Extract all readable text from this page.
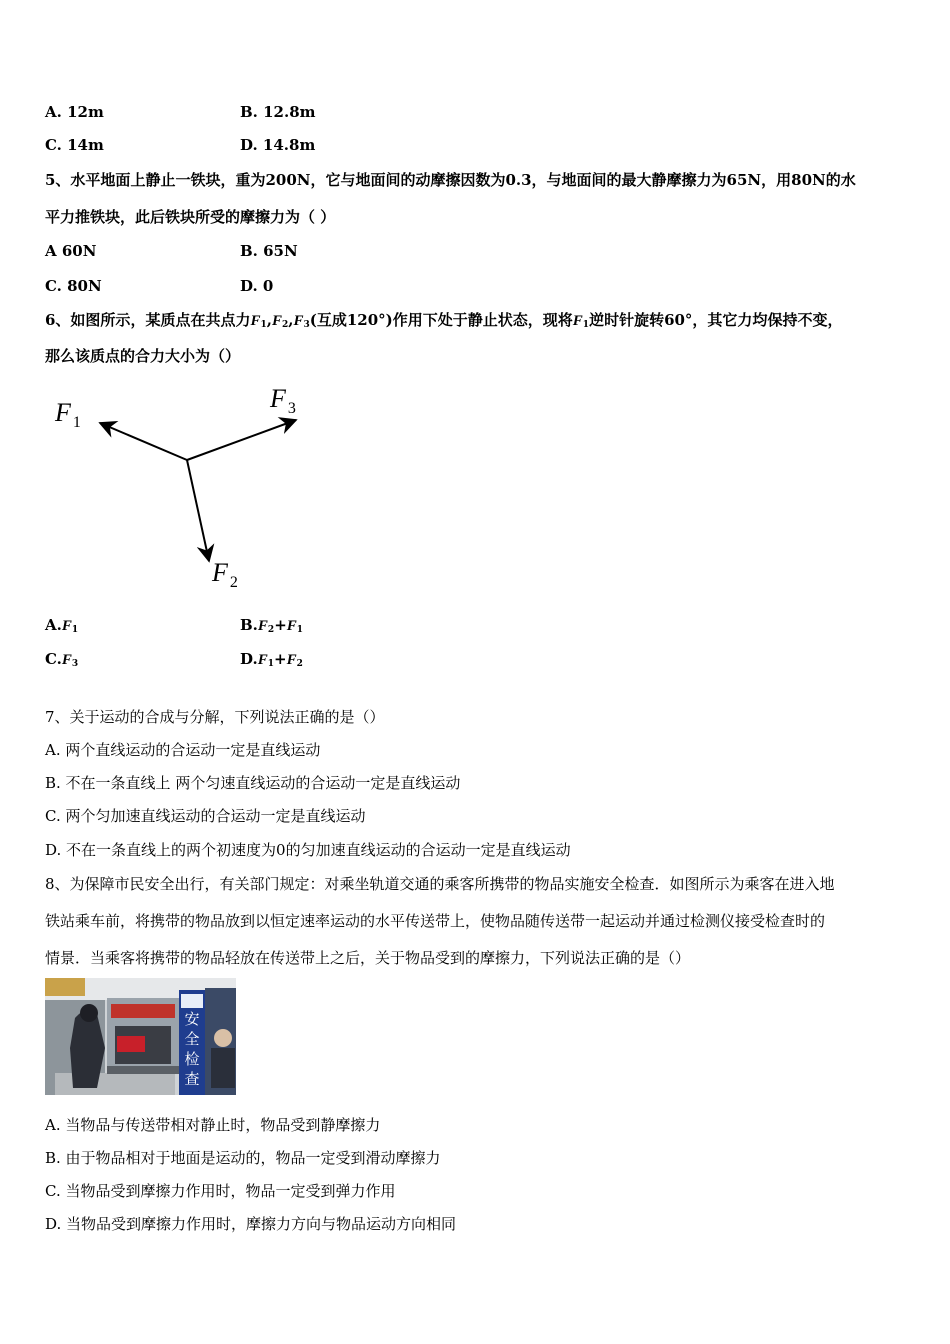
A. 12m	B. 12.8m
C. 14m	D. 14.8m
5、水平地面上静止一铁块，重为200N，它与地面间的动摩擦因数为0.3，与地面间的最大静摩擦力为65N，用80N的水
平力推铁块，此后铁块所受的摩擦力为（ ）
A 60N	B. 65N
C. 80N	D. 0
6、如图所示，某质点在共点力$F_1,F_2,F_3$(互成120°)作用下处于静止状态，现将$F_1$逆时针旋转60°，其它力均保持不变，
那么该质点的合力大小为（）
F $_1$
F $_3$
F $_2$
$A.F_1$	$B.F_2+F_1$
$C.F_3$	$D.F_1+F_2$
7、关于运动的合成与分解，下列说法正确的是（）
A. 两个直线运动的合运动一定是直线运动
B. 不在一条直线上 两个匀速直线运动的合运动一定是直线运动
C. 两个匀加速直线运动的合运动一定是直线运动
D. 不在一条直线上的两个初速度为0的匀加速直线运动的合运动一定是直线运动
8、为保障市民安全出行，有关部门规定：对乘坐轨道交通的乘客所携带的物品实施安全检查．如图所示为乘客在进入地
铁站乘车前，将携带的物品放到以恒定速率运动的水平传送带上，使物品随传送带一起运动并通过检测仪接受检查时的
情景．当乘客将携带的物品轻放在传送带上之后，关于物品受到的摩擦力，下列说法正确的是（）
安全检查
A. 当物品与传送带相对静止时，物品受到静摩擦力
B. 由于物品相对于地面是运动的，物品一定受到滑动摩擦力
C. 当物品受到摩擦力作用时，物品一定受到弹力作用
D. 当物品受到摩擦力作用时，摩擦力方向与物品运动方向相同
